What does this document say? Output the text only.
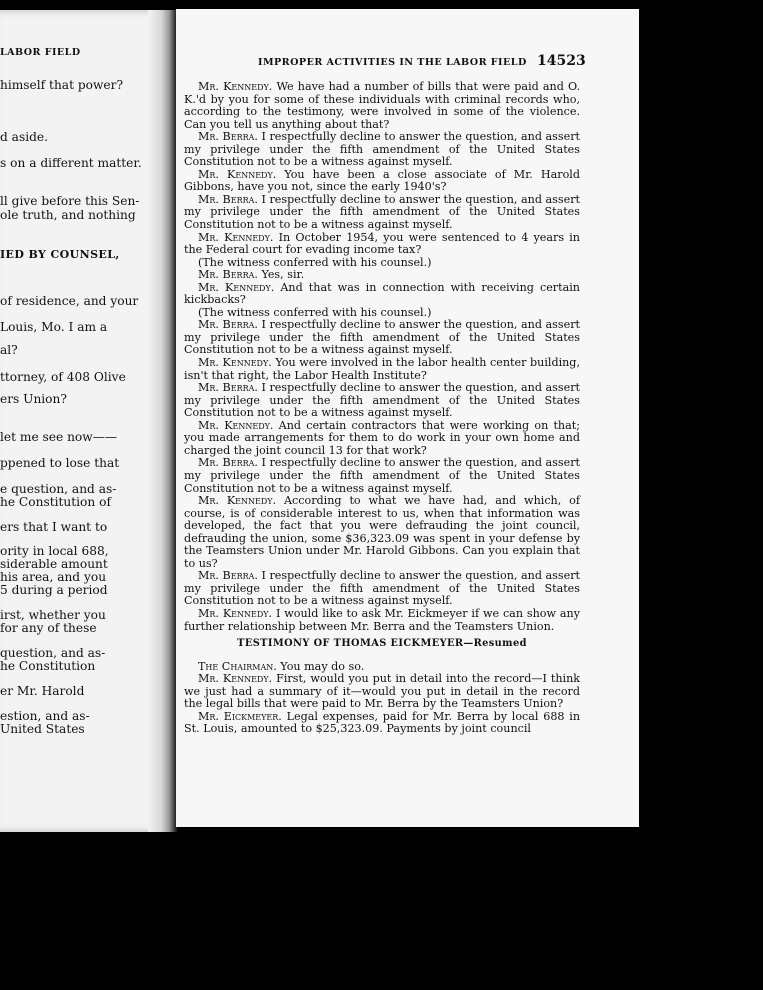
LABOR FIELD
himself that power?
d aside.
s on a different matter.
ll give before this Sen-
ole truth, and nothing
IED BY COUNSEL,
of residence, and your
Louis, Mo. I am a
al?
ttorney, of 408 Olive
ers Union?
let me see now——
ppened to lose that
e question, and as-
he Constitution of
ers that I want to
ority in local 688,
siderable amount
his area, and you
5 during a period
irst, whether you
for any of these
question, and as-
he Constitution
er Mr. Harold
estion, and as-
United States
IMPROPER ACTIVITIES IN THE LABOR FIELD 14523

Mr. Kennedy. We have had a number of bills that were paid and O. K.'d by you for some of these individuals with criminal records who, according to the testimony, were involved in some of the violence. Can you tell us anything about that?

Mr. Berra. I respectfully decline to answer the question, and assert my privilege under the fifth amendment of the United States Constitution not to be a witness against myself.

Mr. Kennedy. You have been a close associate of Mr. Harold Gibbons, have you not, since the early 1940's?

Mr. Berra. I respectfully decline to answer the question, and assert my privilege under the fifth amendment of the United States Constitution not to be a witness against myself.

Mr. Kennedy. In October 1954, you were sentenced to 4 years in the Federal court for evading income tax?

(The witness conferred with his counsel.)

Mr. Berra. Yes, sir.

Mr. Kennedy. And that was in connection with receiving certain kickbacks?

(The witness conferred with his counsel.)

Mr. Berra. I respectfully decline to answer the question, and assert my privilege under the fifth amendment of the United States Constitution not to be a witness against myself.

Mr. Kennedy. You were involved in the labor health center building, isn't that right, the Labor Health Institute?

Mr. Berra. I respectfully decline to answer the question, and assert my privilege under the fifth amendment of the United States Constitution not to be a witness against myself.

Mr. Kennedy. And certain contractors that were working on that; you made arrangements for them to do work in your own home and charged the joint council 13 for that work?

Mr. Berra. I respectfully decline to answer the question, and assert my privilege under the fifth amendment of the United States Constitution not to be a witness against myself.

Mr. Kennedy. According to what we have had, and which, of course, is of considerable interest to us, when that information was developed, the fact that you were defrauding the joint council, defrauding the union, some $36,323.09 was spent in your defense by the Teamsters Union under Mr. Harold Gibbons. Can you explain that to us?

Mr. Berra. I respectfully decline to answer the question, and assert my privilege under the fifth amendment of the United States Constitution not to be a witness against myself.

Mr. Kennedy. I would like to ask Mr. Eickmeyer if we can show any further relationship between Mr. Berra and the Teamsters Union.

TESTIMONY OF THOMAS EICKMEYER—Resumed

The Chairman. You may do so.

Mr. Kennedy. First, would you put in detail into the record—I think we just had a summary of it—would you put in detail in the record the legal bills that were paid to Mr. Berra by the Teamsters Union?

Mr. Eickmeyer. Legal expenses, paid for Mr. Berra by local 688 in St. Louis, amounted to $25,323.09. Payments by joint council
